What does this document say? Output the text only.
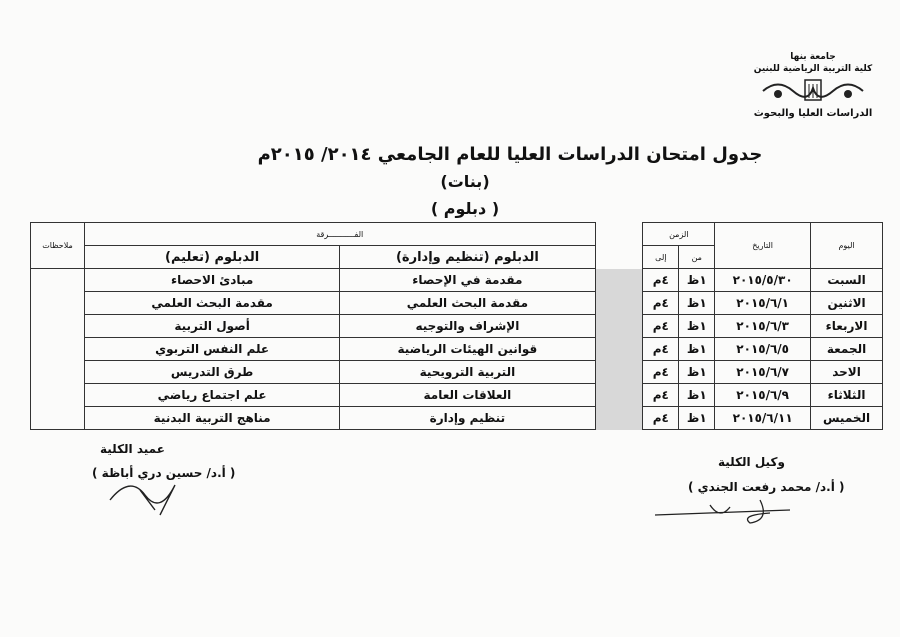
جامعة بنها
كلية التربية الرياضية للبنين
الدراسات العليا والبحوث
جدول امتحان الدراسات العليا للعام الجامعي ٢٠١٤/ ٢٠١٥م
(بنات)
( دبلوم )
اليوم	التاريخ	الزمن			الفـــــــــــرقة		ملاحظات
		من	إلى		الدبلوم (تنظيم وإدارة)	الدبلوم (تعليم)	
السبت	٢٠١٥/٥/٣٠	١ظ	٤م		مقدمة في الإحصاء	مبادئ الاحصاء	
الاثنين	٢٠١٥/٦/١	١ظ	٤م		مقدمة البحث العلمي	مقدمة البحث العلمي	
الاربعاء	٢٠١٥/٦/٣	١ظ	٤م		الإشراف والتوجيه	أصول التربية	
الجمعة	٢٠١٥/٦/٥	١ظ	٤م		قوانين الهيئات الرياضية	علم النفس التربوي	
الاحد	٢٠١٥/٦/٧	١ظ	٤م		التربية الترويحية	طرق التدريس	
الثلاثاء	٢٠١٥/٦/٩	١ظ	٤م		العلاقات العامة	علم اجتماع رياضي	
الخميس	٢٠١٥/٦/١١	١ظ	٤م		تنظيم وإدارة	مناهج التربية البدنية	
عميد الكلية
( أ.د/ حسين دري أباظة )
وكيل الكلية
( أ.د/ محمد رفعت الجندي )
